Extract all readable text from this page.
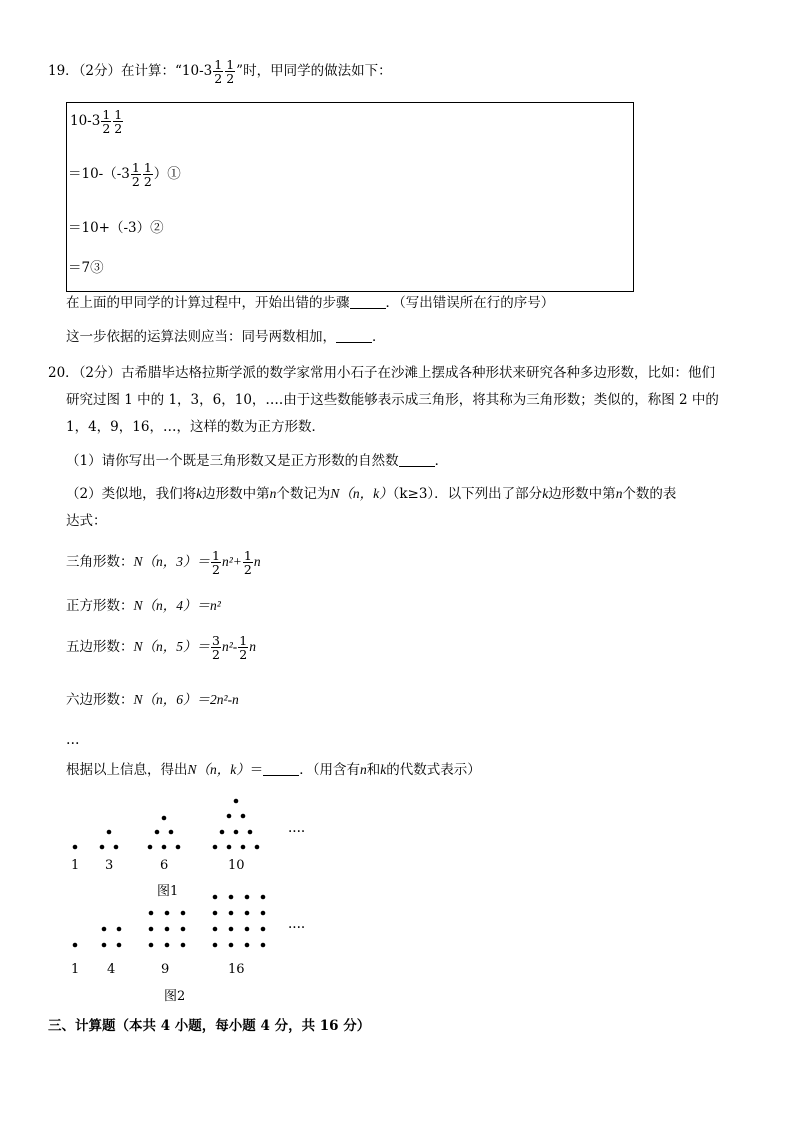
19．（2分）在计算：“$10-3 \frac{1}{2} \frac{1}{2}$ ”时，甲同学的做法如下：
$10-3 \frac{1}{2} \frac{1}{2}$
$=10-(-3 \frac{1}{2} \frac{1}{2}$ ）①
＝10+（-3）②
＝7③
在上面的甲同学的计算过程中，开始出错的步骤	．（写出错误所在行的序号）
这一步依据的运算法则应当：同号两数相加，	．
20．（2分）古希腊毕达格拉斯学派的数学家常用小石子在沙滩上摆成各种形状来研究各种多边形数，比如：他们
研究过图 1 中的 1，3，6，10，….由于这些数能够表示成三角形，将其称为三角形数；类似的，称图 2 中的
1，4，9，16，…，这样的数为正方形数．
（1）请你写出一个既是三角形数又是正方形数的自然数	．
（2）类似地，我们将k边形数中第n个数记为N（n，k）（k≥3）．以下列出了部分k边形数中第n个数的表
达式：
三角形数：N（n，$3)= \frac{1}{2} n^2+ \frac{1}{2}$ n
正方形数：N（n，4）＝n²
五边形数：N（n，$5)= \frac{3}{2} n^2- \frac{1}{2}$ n
六边形数：N（n，6）＝2n²-n
…
根据以上信息，得出N（n，k）＝	．（用含有n和k的代数式表示）
....
1 3	6	10
图1
....
1 4	9	16
图2
三、计算题（本共 4 小题，每小题 4 分，共 16 分）
